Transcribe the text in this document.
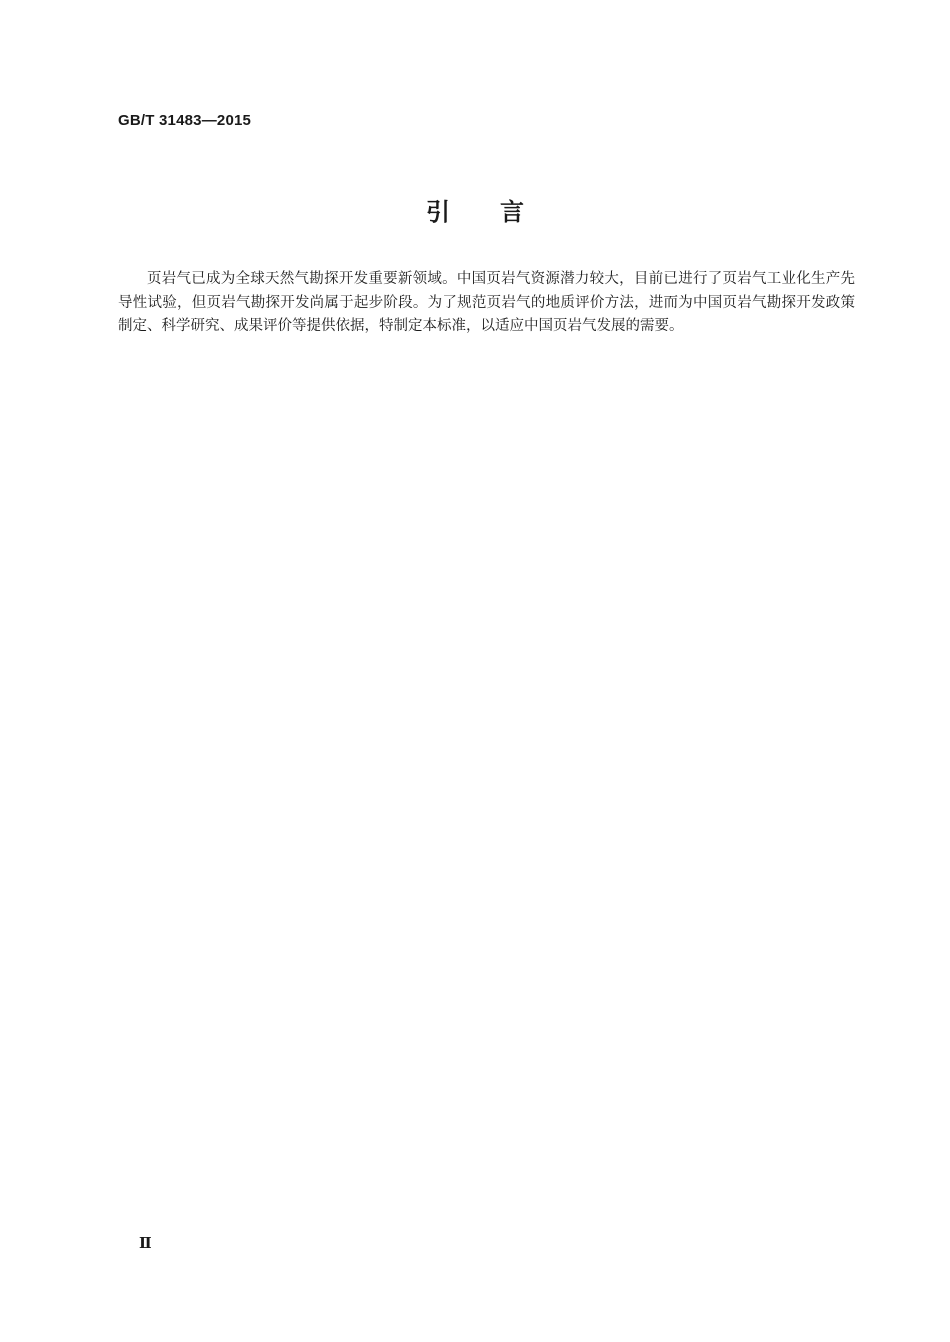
GB/T 31483—2015
引言

页岩气已成为全球天然气勘探开发重要新领域。中国页岩气资源潜力较大，目前已进行了页岩气工业化生产先导性试验，但页岩气勘探开发尚属于起步阶段。为了规范页岩气的地质评价方法，进而为中国页岩气勘探开发政策制定、科学研究、成果评价等提供依据，特制定本标准，以适应中国页岩气发展的需要。

Ⅱ
